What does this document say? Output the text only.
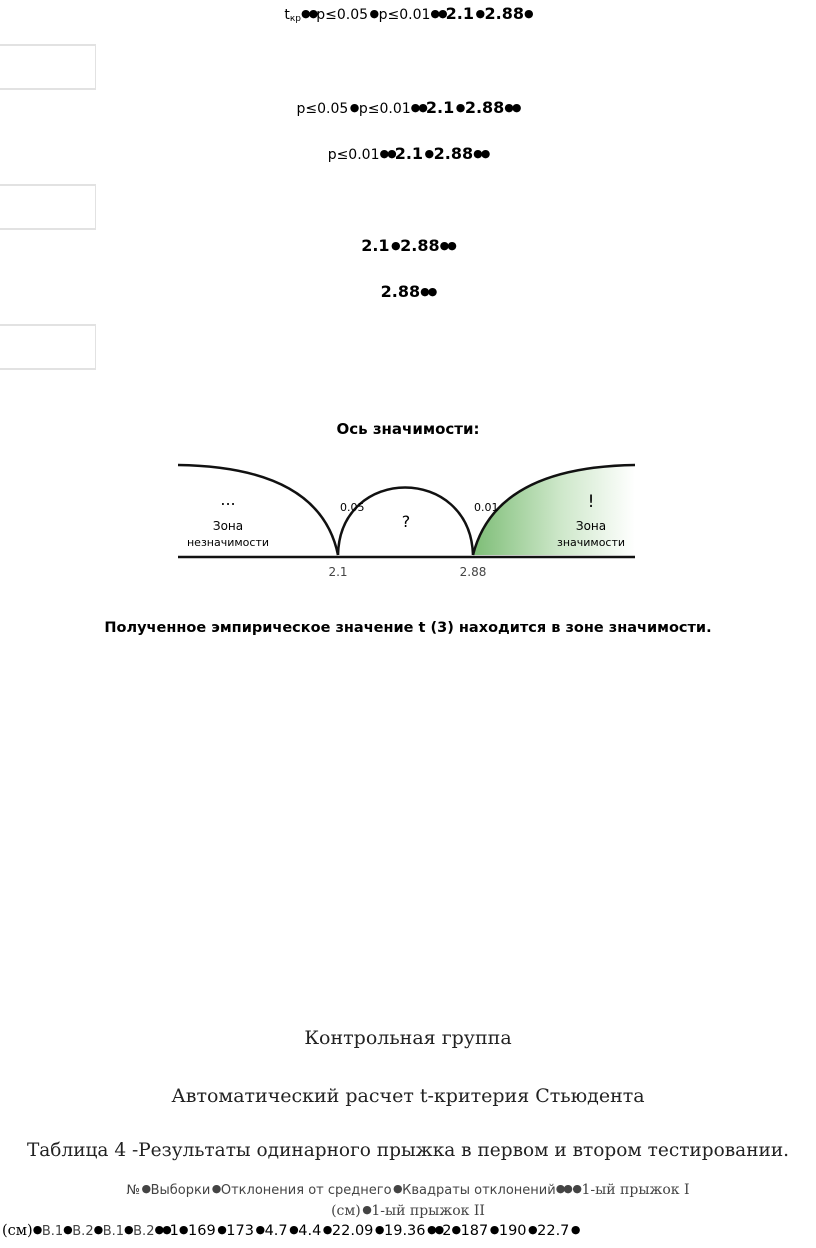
$t_{кр}●●p\le 0.05$ ● p≤0.01●●2.1 ● 2.88●
p≤0.05 ● p≤0.01●●2.1 ● 2.88●●
p≤0.01●●2.1 ● 2.88●●
2.1 ● 2.88●●
2.88●●
Ось значимости:
...
Зона
незначимости
0.05
?
0.01	!
Зона
значимости
2.1	2.88
Полученное эмпирическое значение t (3) находится в зоне значимости.
Контрольная группа
Автоматический расчет t-критерия Стьюдента
Таблица 4 -Результаты одинарного прыжка в первом и втором тестировании.
№ ● Выборки ● Отклонения от среднего ● Квадраты отклонений●● ● 1-ый прыжок I
(см) ● 1-ый прыжок II
(см)● В.1● В.2● В.1● В.2●●1● 169 ● 173 ● 4.7 ● 4.4 ● 22.09 ● 19.36 ●●2● 187 ● 190 ● 22.7 ●
